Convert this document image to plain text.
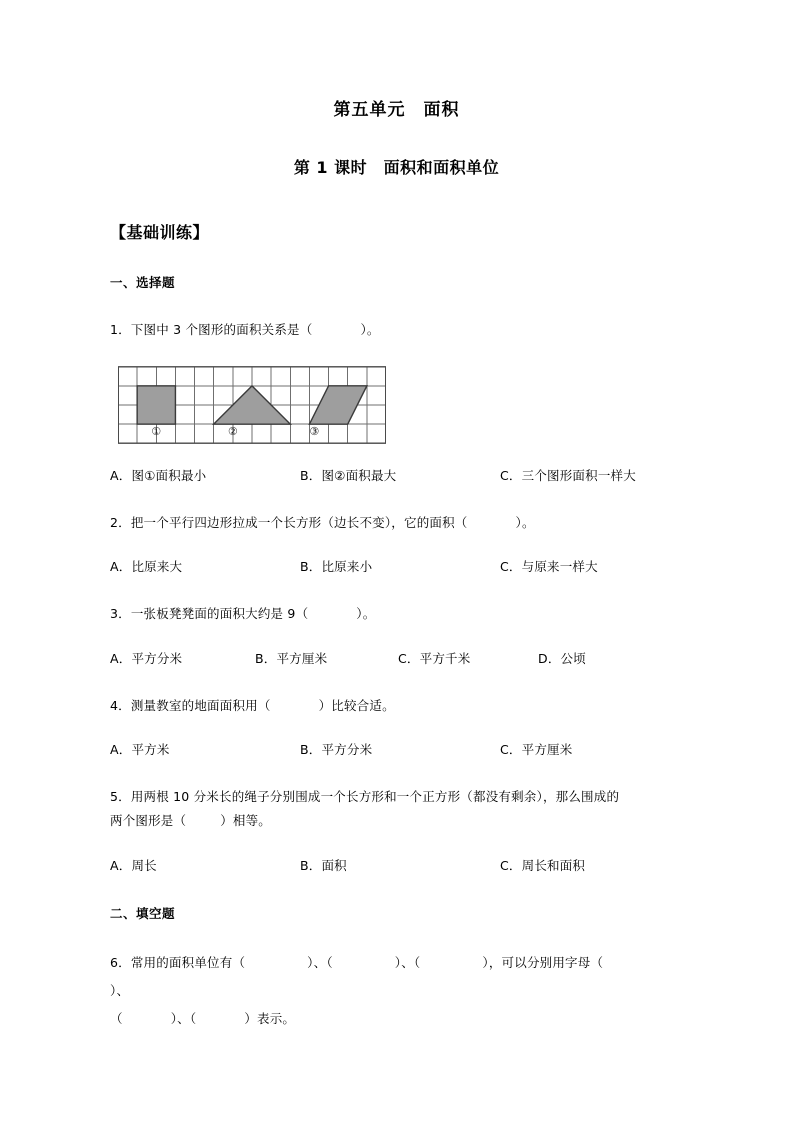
第五单元　面积
第 1 课时　面积和面积单位
【基础训练】
一、选择题
1．下图中 3 个图形的面积关系是（	）。
①	②	③
A．图①面积最小	B．图②面积最大	C．三个图形面积一样大
2．把一个平行四边形拉成一个长方形（边长不变），它的面积（	）。
A．比原来大	B．比原来小	C．与原来一样大
3．一张板凳凳面的面积大约是 9（	）。
A．平方分米	B．平方厘米	C．平方千米	D．公顷
4．测量教室的地面面积用（	）比较合适。
A．平方米	B．平方分米	C．平方厘米
5．用两根 10 分米长的绳子分别围成一个长方形和一个正方形（都没有剩余），那么围成的
两个图形是（	）相等。
A．周长	B．面积	C．周长和面积
二、填空题
6．常用的面积单位有（	）、（	）、（	），可以分别用字母（）、
（	）、（	）表示。
